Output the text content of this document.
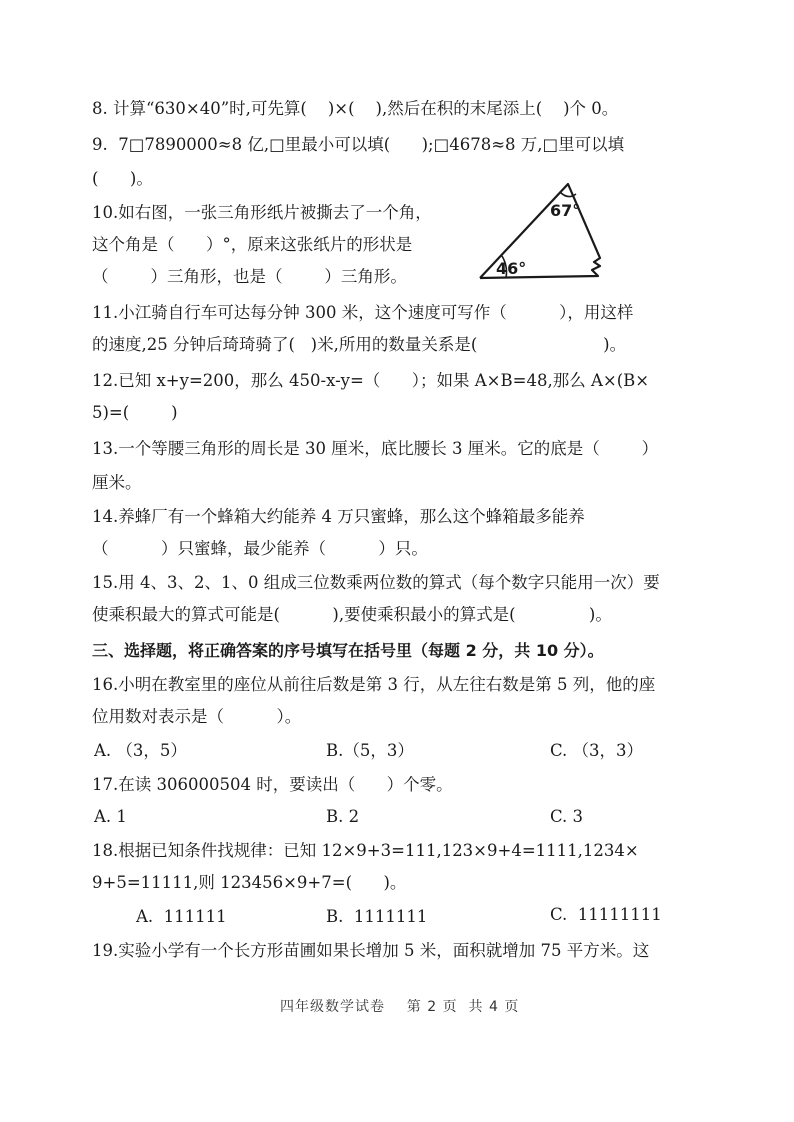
8. 计算“630×40”时,可先算(    )×(    ),然后在积的末尾添上(    )个 0。
9.  7□7890000≈8 亿,□里最小可以填(      );□4678≈8 万,□里可以填
(      )。
10.如右图，一张三角形纸片被撕去了一个角，
这个角是（      ）°，原来这张纸片的形状是
（        ）三角形，也是（        ）三角形。
67°
46°
11.小江骑自行车可达每分钟 300 米，这个速度可写作（          ），用这样
的速度,25 分钟后琦琦骑了(   )米,所用的数量关系是(                        )。
12.已知 x+y=200，那么 450-x-y=（      ）；如果 A×B=48,那么 A×(B×
5)=(        )
13.一个等腰三角形的周长是 30 厘米，底比腰长 3 厘米。它的底是（        ）
厘米。
14.养蜂厂有一个蜂箱大约能养 4 万只蜜蜂，那么这个蜂箱最多能养
（          ）只蜜蜂，最少能养（          ）只。
15.用 4、3、2、1、0 组成三位数乘两位数的算式（每个数字只能用一次）要
使乘积最大的算式可能是(          ),要使乘积最小的算式是(              )。
三、选择题，将正确答案的序号填写在括号里（每题 2 分，共 10 分）。
16.小明在教室里的座位从前往后数是第 3 行，从左往右数是第 5 列，他的座
位用数对表示是（          ）。
A. （3，5）	B.（5，3）	C. （3，3）
17.在读 306000504 时，要读出（      ）个零。
A. 1	B. 2	C. 3
18.根据已知条件找规律：已知 12×9+3=111,123×9+4=1111,1234×
9+5=11111,则 123456×9+7=(      )。
A.  111111	B.  1111111	C.  11111111
19.实验小学有一个长方形苗圃如果长增加 5 米，面积就增加 75 平方米。这
四年级数学试卷    第 2 页  共 4 页
